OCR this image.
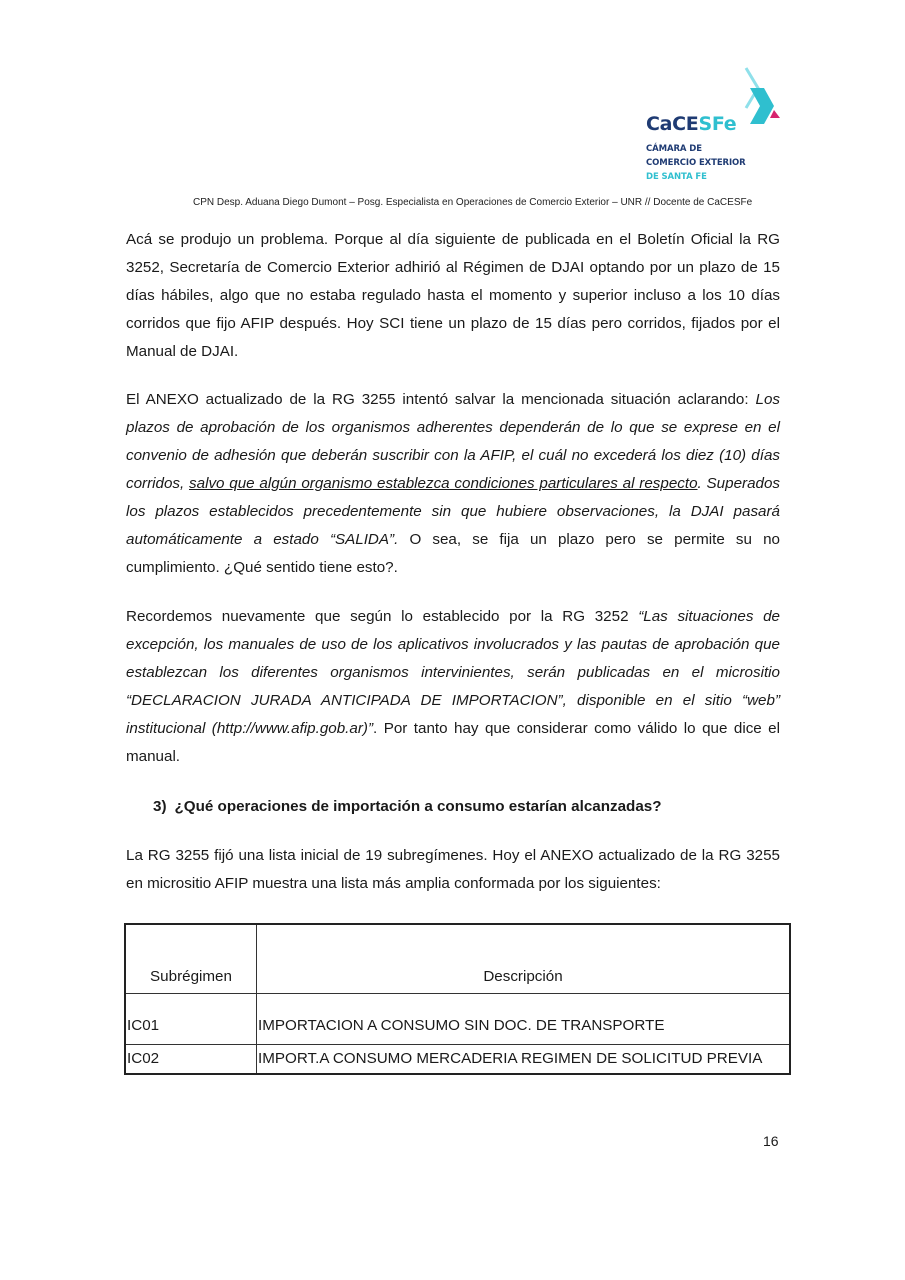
CaCESFe
CÁMARA DE
COMERCIO EXTERIOR
DE SANTA FE
CPN Desp. Aduana Diego Dumont – Posg. Especialista en Operaciones de Comercio Exterior – UNR // Docente de CaCESFe

Acá se produjo un problema. Porque al día siguiente de publicada en el Boletín Oficial la RG 3252, Secretaría de Comercio Exterior adhirió al Régimen de DJAI optando por un plazo de 15 días hábiles, algo que no estaba regulado hasta el momento y superior incluso a los 10 días corridos que fijo AFIP después. Hoy SCI tiene un plazo de 15 días pero corridos, fijados por el Manual de DJAI.

El ANEXO actualizado de la RG 3255 intentó salvar la mencionada situación aclarando: Los plazos de aprobación de los organismos adherentes dependerán de lo que se exprese en el convenio de adhesión que deberán suscribir con la AFIP, el cuál no excederá los diez (10) días corridos, salvo que algún organismo establezca condiciones particulares al respecto. Superados los plazos establecidos precedentemente sin que hubiere observaciones, la DJAI pasará automáticamente a estado “SALIDA”. O sea, se fija un plazo pero se permite su no cumplimiento. ¿Qué sentido tiene esto?.

Recordemos nuevamente que según lo establecido por la RG 3252 “Las situaciones de excepción, los manuales de uso de los aplicativos involucrados y las pautas de aprobación que establezcan los diferentes organismos intervinientes, serán publicadas en el micrositio “DECLARACION JURADA ANTICIPADA DE IMPORTACION”, disponible en el sitio “web” institucional (http://www.afip.gob.ar)”. Por tanto hay que considerar como válido lo que dice el manual.

3) ¿Qué operaciones de importación a consumo estarían alcanzadas?

La RG 3255 fijó una lista inicial de 19 subregímenes. Hoy el ANEXO actualizado de la RG 3255 en micrositio AFIP muestra una lista más amplia conformada por los siguientes:

Subrégimen	Descripción
IC01	IMPORTACION A CONSUMO SIN DOC. DE TRANSPORTE
IC02	IMPORT.A CONSUMO MERCADERIA REGIMEN DE SOLICITUD PREVIA
16
